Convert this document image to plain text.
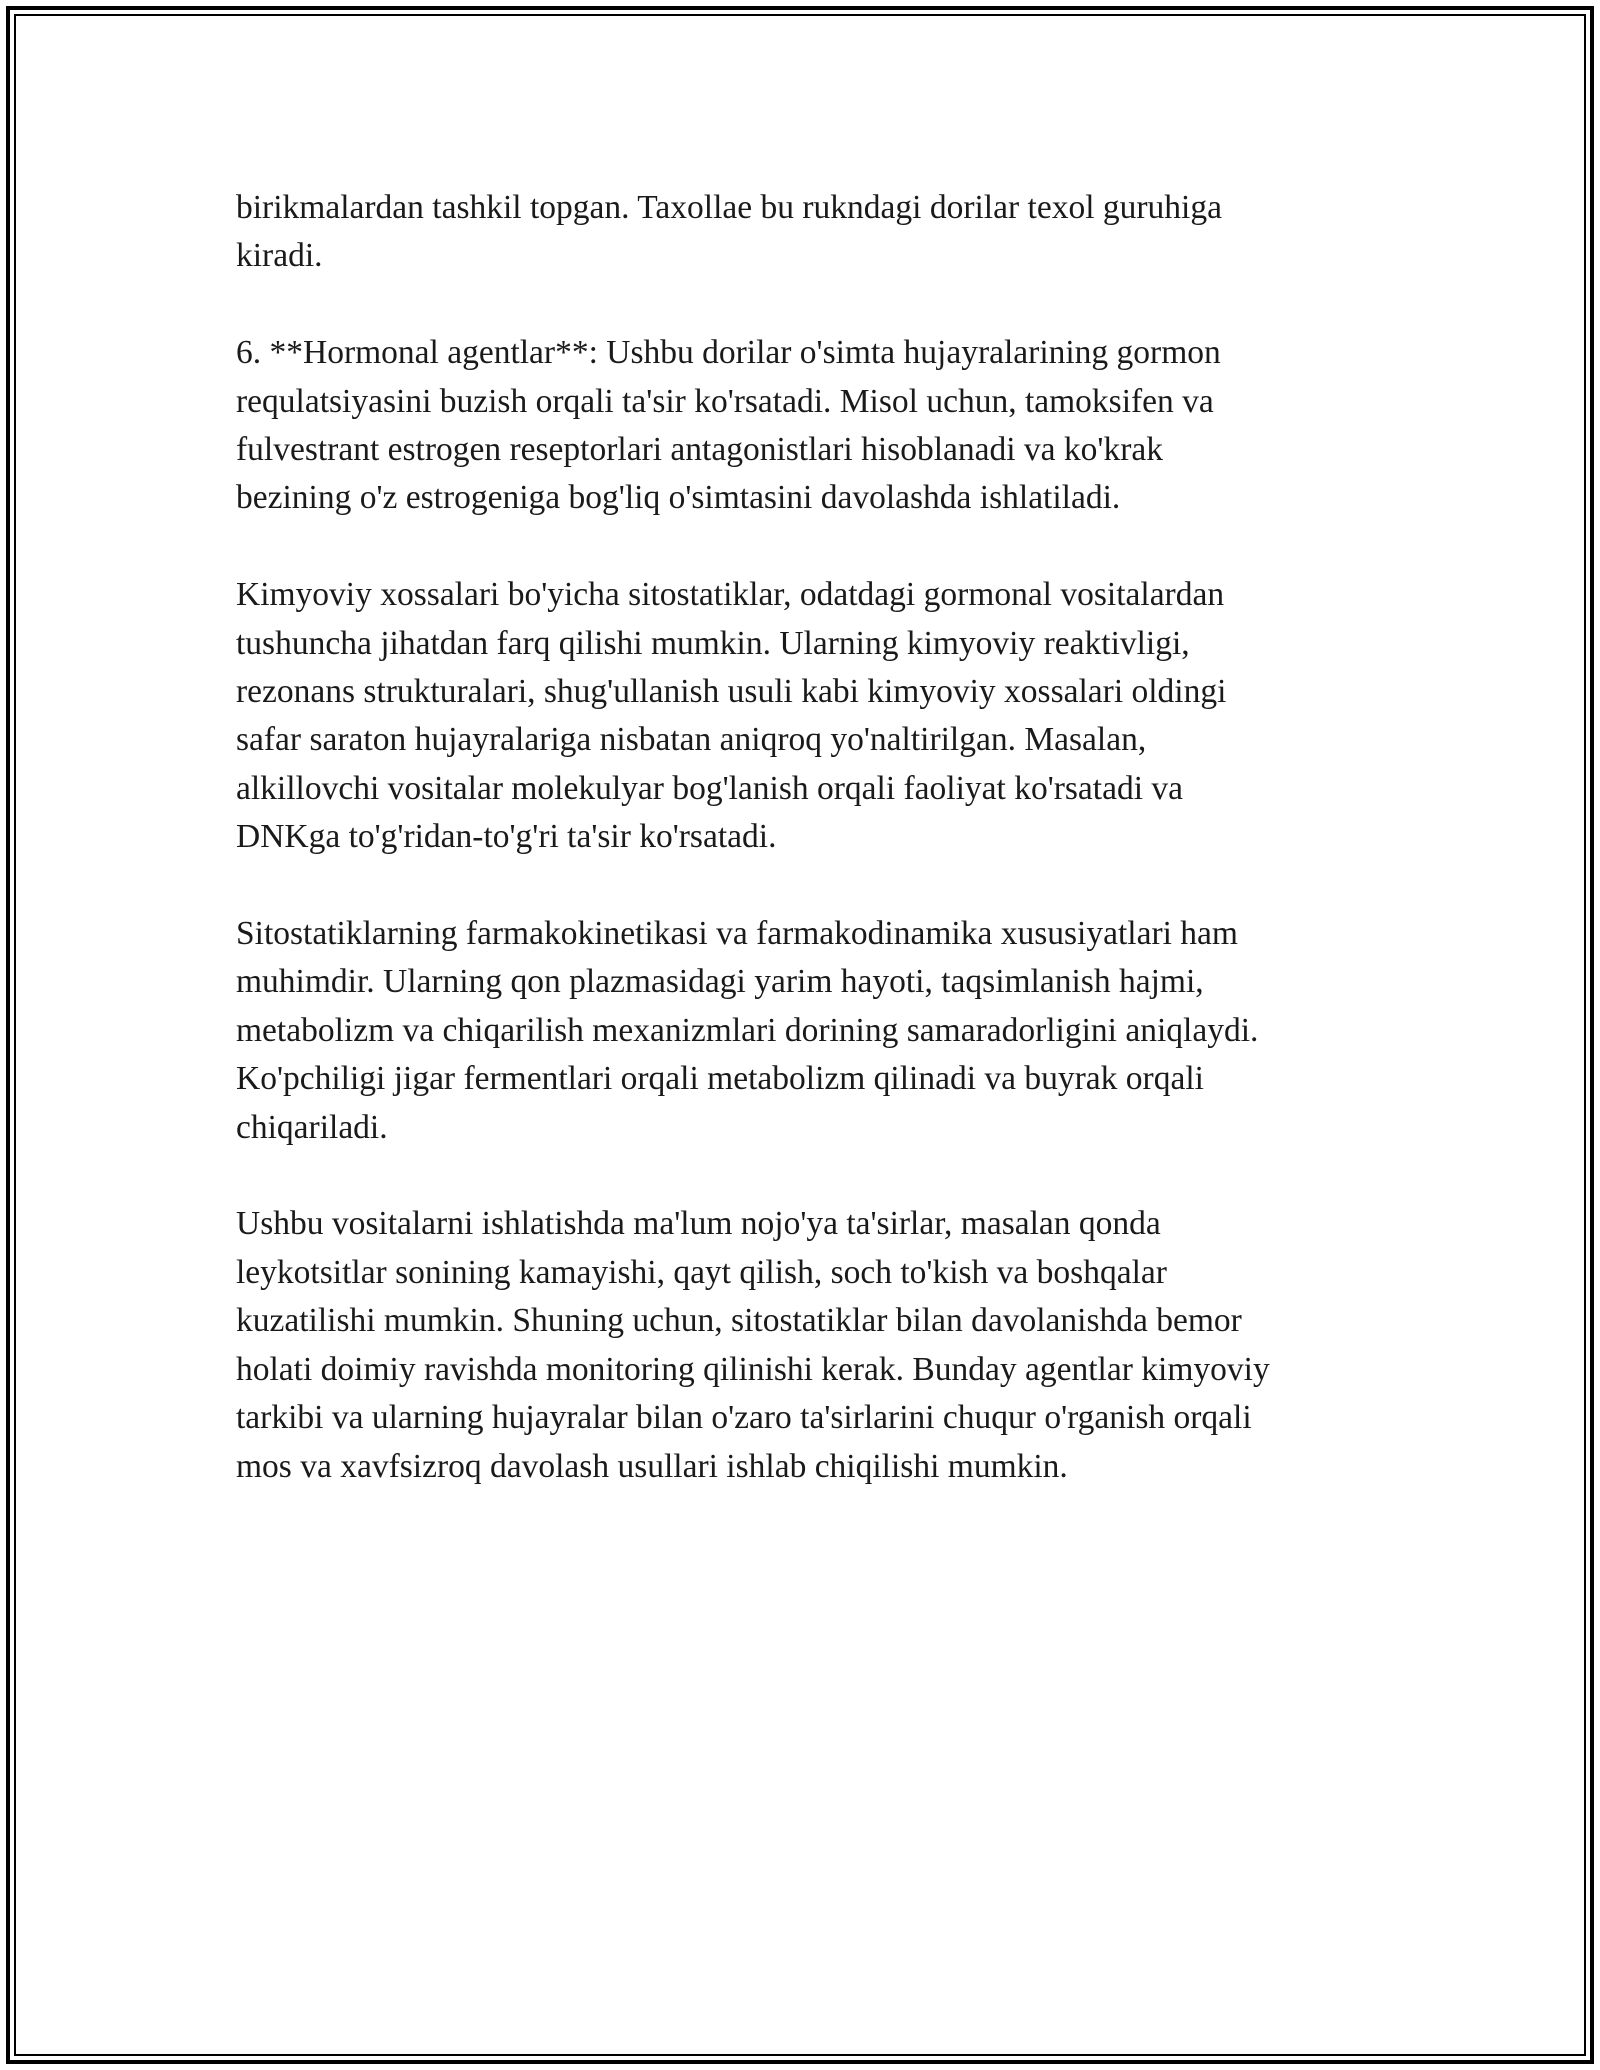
birikmalardan tashkil topgan. Taxollae bu rukndagi dorilar texol guruhiga
kiradi.

6. **Hormonal agentlar**: Ushbu dorilar o'simta hujayralarining gormon
requlatsiyasini buzish orqali ta'sir ko'rsatadi. Misol uchun, tamoksifen va
fulvestrant estrogen reseptorlari antagonistlari hisoblanadi va ko'krak
bezining o'z estrogeniga bog'liq o'simtasini davolashda ishlatiladi.

Kimyoviy xossalari bo'yicha sitostatiklar, odatdagi gormonal vositalardan
tushuncha jihatdan farq qilishi mumkin. Ularning kimyoviy reaktivligi,
rezonans strukturalari, shug'ullanish usuli kabi kimyoviy xossalari oldingi
safar saraton hujayralariga nisbatan aniqroq yo'naltirilgan. Masalan,
alkillovchi vositalar molekulyar bog'lanish orqali faoliyat ko'rsatadi va
DNKga to'g'ridan-to'g'ri ta'sir ko'rsatadi.

Sitostatiklarning farmakokinetikasi va farmakodinamika xususiyatlari ham
muhimdir. Ularning qon plazmasidagi yarim hayoti, taqsimlanish hajmi,
metabolizm va chiqarilish mexanizmlari dorining samaradorligini aniqlaydi.
Ko'pchiligi jigar fermentlari orqali metabolizm qilinadi va buyrak orqali
chiqariladi.

Ushbu vositalarni ishlatishda ma'lum nojo'ya ta'sirlar, masalan qonda
leykotsitlar sonining kamayishi, qayt qilish, soch to'kish va boshqalar
kuzatilishi mumkin. Shuning uchun, sitostatiklar bilan davolanishda bemor
holati doimiy ravishda monitoring qilinishi kerak. Bunday agentlar kimyoviy
tarkibi va ularning hujayralar bilan o'zaro ta'sirlarini chuqur o'rganish orqali
mos va xavfsizroq davolash usullari ishlab chiqilishi mumkin.
